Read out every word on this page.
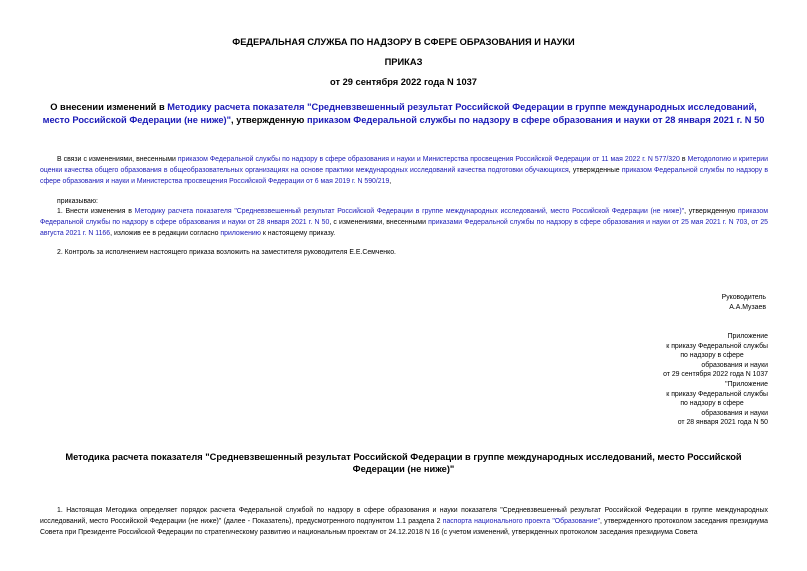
ФЕДЕРАЛЬНАЯ СЛУЖБА ПО НАДЗОРУ В СФЕРЕ ОБРАЗОВАНИЯ И НАУКИ
ПРИКАЗ
от 29 сентября 2022 года N 1037
О внесении изменений в Методику расчета показателя "Средневзвешенный результат Российской Федерации в группе международных исследований, место Российской Федерации (не ниже)", утвержденную приказом Федеральной службы по надзору в сфере образования и науки от 28 января 2021 г. N 50
В связи с изменениями, внесенными приказом Федеральной службы по надзору в сфере образования и науки и Министерства просвещения Российской Федерации от 11 мая 2022 г. N 577/320 в Методологию и критерии оценки качества общего образования в общеобразовательных организациях на основе практики международных исследований качества подготовки обучающихся, утвержденные приказом Федеральной службы по надзору в сфере образования и науки и Министерства просвещения Российской Федерации от 6 мая 2019 г. N 590/219,
приказываю:
1. Внести изменения в Методику расчета показателя "Средневзвешенный результат Российской Федерации в группе международных исследований, место Российской Федерации (не ниже)", утвержденную приказом Федеральной службы по надзору в сфере образования и науки от 28 января 2021 г. N 50, с изменениями, внесенными приказами Федеральной службы по надзору в сфере образования и науки от 25 мая 2021 г. N 703, от 25 августа 2021 г. N 1166, изложив ее в редакции согласно приложению к настоящему приказу.
2. Контроль за исполнением настоящего приказа возложить на заместителя руководителя Е.Е.Семченко.
Руководитель
А.А.Музаев
Приложение
к приказу Федеральной службы
по надзору в сфере
образования и науки
от 29 сентября 2022 года N 1037
"Приложение
к приказу Федеральной службы
по надзору в сфере
образования и науки
от 28 января 2021 года N 50
Методика расчета показателя "Средневзвешенный результат Российской Федерации в группе международных исследований, место Российской Федерации (не ниже)"
1. Настоящая Методика определяет порядок расчета Федеральной службой по надзору в сфере образования и науки показателя "Средневзвешенный результат Российской Федерации в группе международных исследований, место Российской Федерации (не ниже)" (далее - Показатель), предусмотренного подпунктом 1.1 раздела 2 паспорта национального проекта "Образование", утвержденного протоколом заседания президиума Совета при Президенте Российской Федерации по стратегическому развитию и национальным проектам от 24.12.2018 N 16 (с учетом изменений, утвержденных протоколом заседания президиума Совета
